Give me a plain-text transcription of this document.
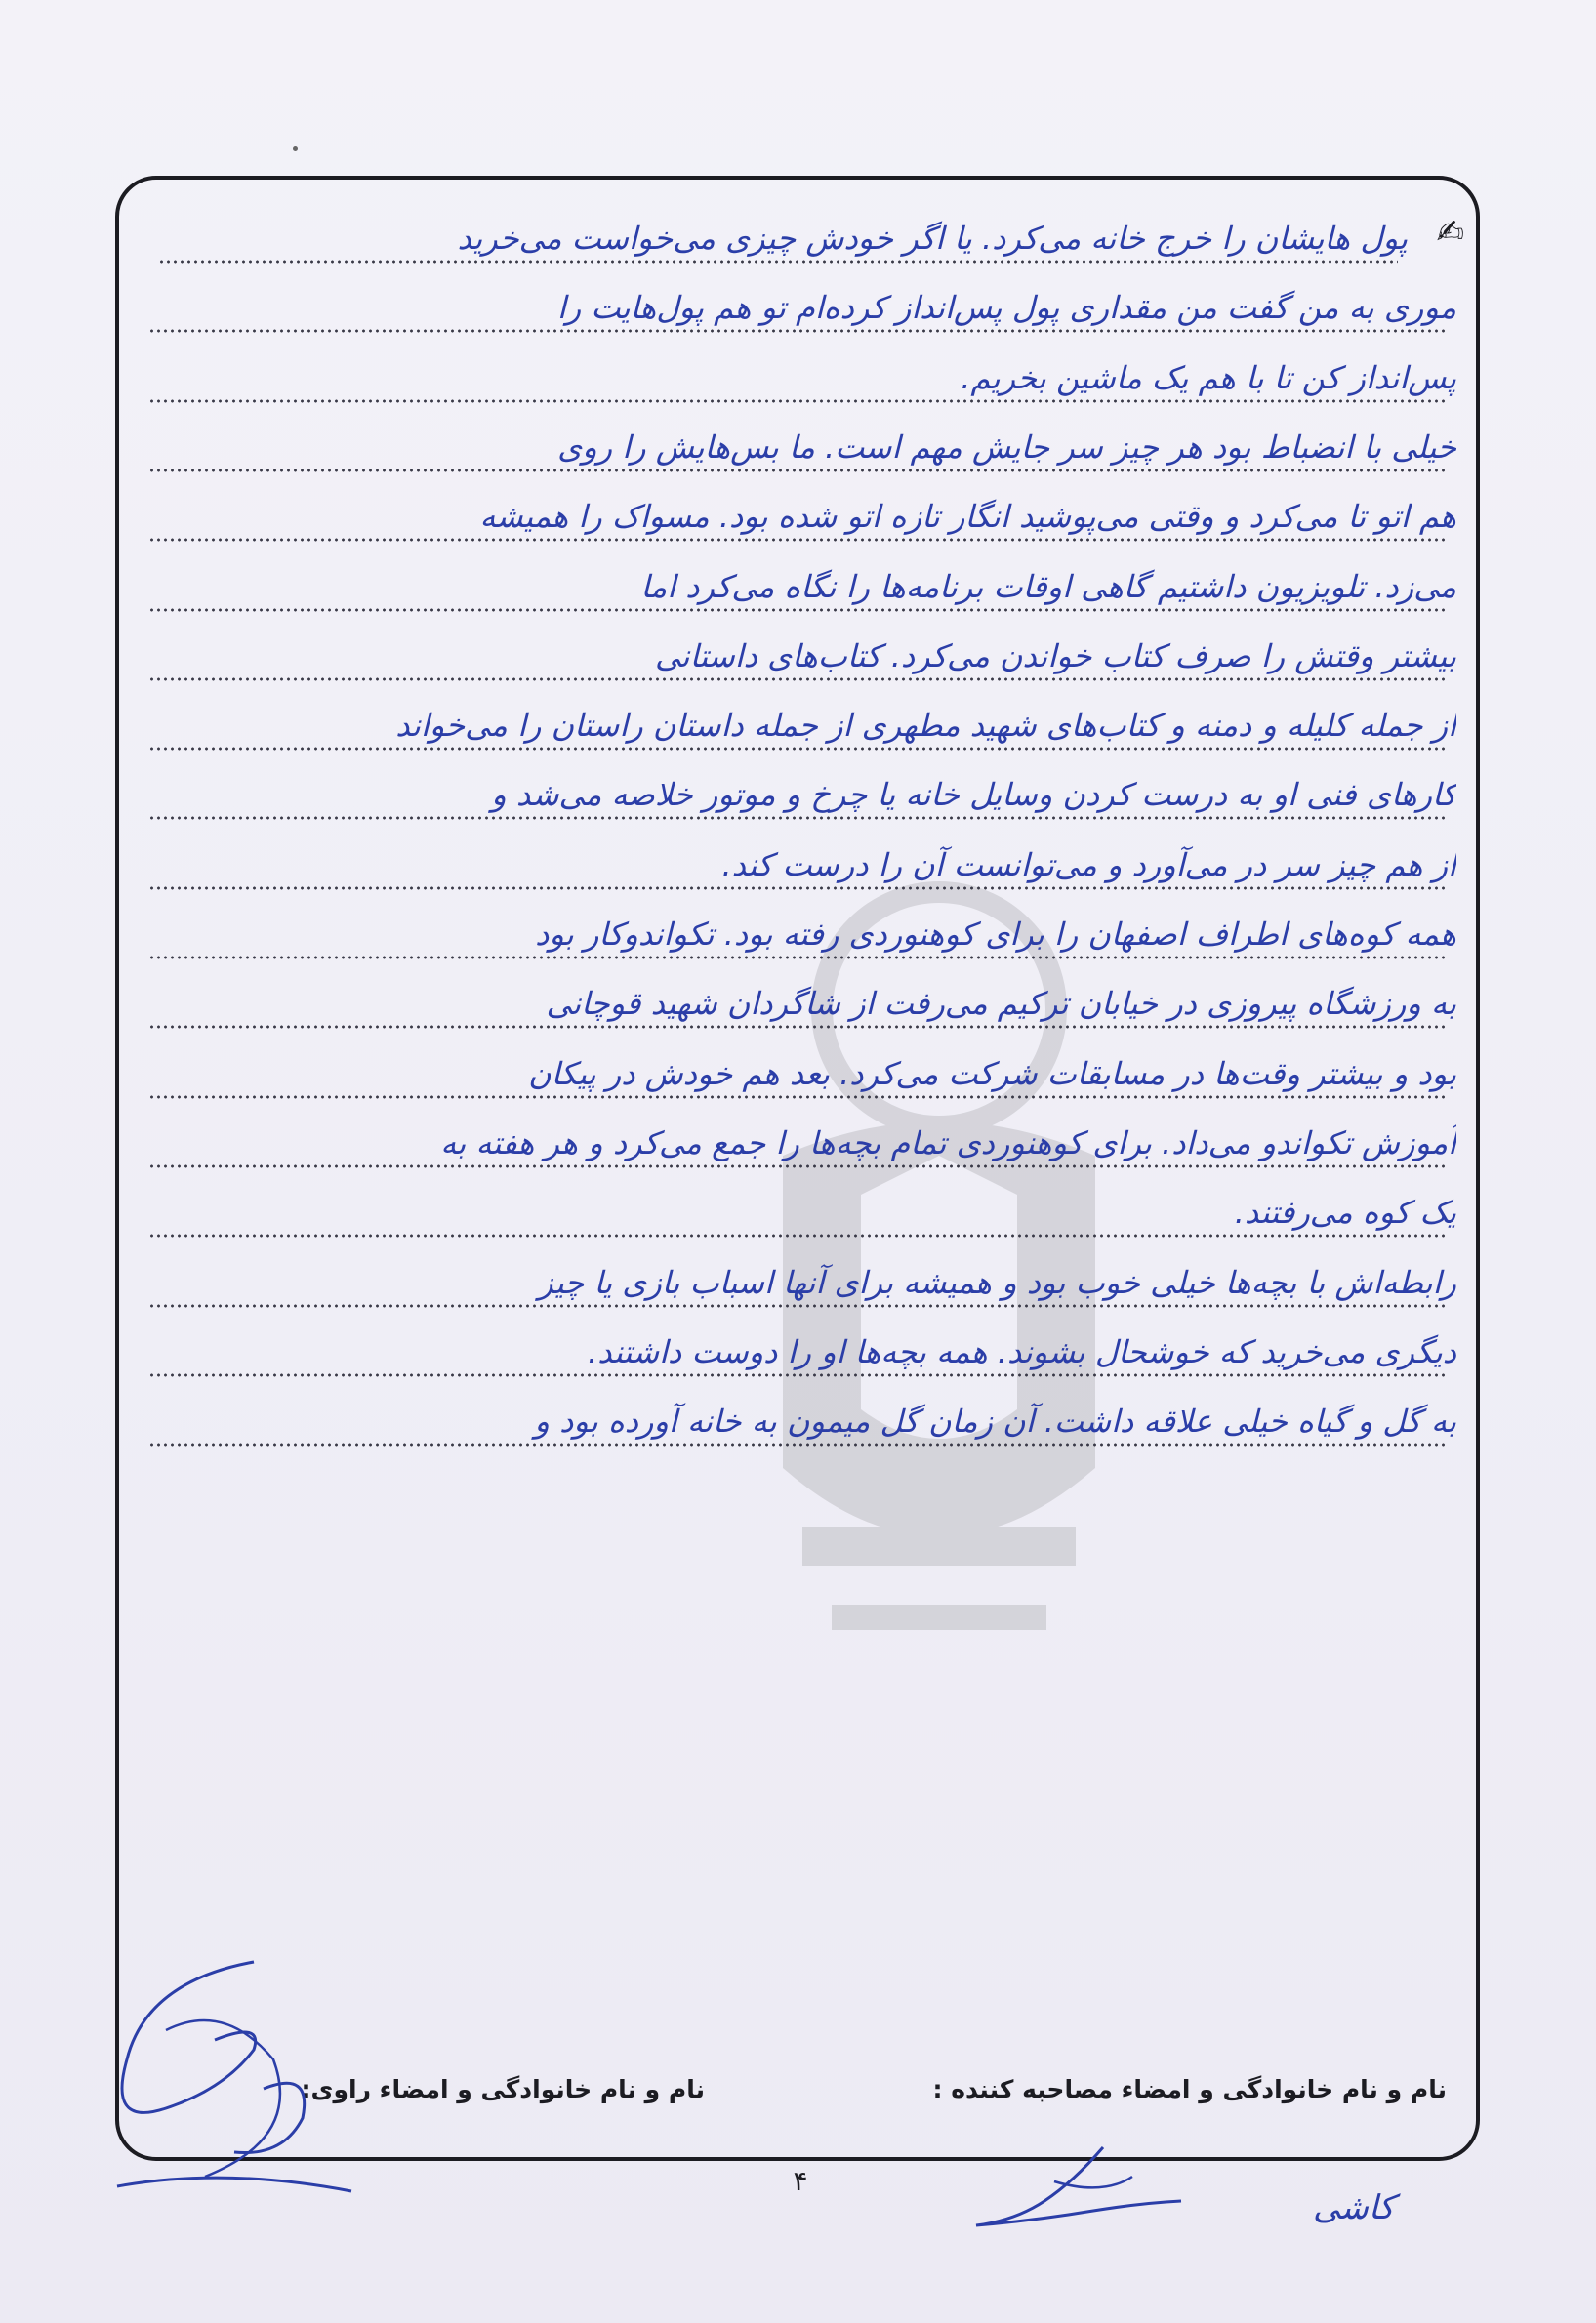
✍
پول هایشان را خرج خانه می‌کرد. یا اگر خودش چیزی می‌خواست می‌خرید
موری به من گفت من مقداری پول پس‌انداز کرده‌ام تو هم پول‌هایت را
پس‌انداز کن تا با هم یک ماشین بخریم.
خیلی با انضباط بود هر چیز سر جایش مهم است. ما بس‌هایش را روی
هم اتو تا می‌کرد و وقتی می‌پوشید انگار تازه اتو شده بود. مسواک را همیشه
می‌زد. تلویزیون داشتیم گاهی اوقات برنامه‌ها را نگاه می‌کرد اما
بیشتر وقتش را صرف کتاب خواندن می‌کرد. کتاب‌های داستانی
از جمله کلیله و دمنه و کتاب‌های شهید مطهری از جمله داستان راستان را می‌خواند
کارهای فنی او به درست کردن وسایل خانه یا چرخ و موتور خلاصه می‌شد و
از هم چیز سر در می‌آورد و می‌توانست آن را درست کند.
همه کوه‌های اطراف اصفهان را برای کوهنوردی رفته بود. تکواندوکار بود
به ورزشگاه پیروزی در خیابان ترکیم می‌رفت از شاگردان شهید قوچانی
بود و بیشتر وقت‌ها در مسابقات شرکت می‌کرد. بعد هم خودش در پیکان
آموزش تکواندو می‌داد. برای کوهنوردی تمام بچه‌ها را جمع می‌کرد و هر هفته به
یک کوه می‌رفتند.
رابطه‌اش با بچه‌ها خیلی خوب بود و همیشه برای آنها اسباب بازی یا چیز
دیگری می‌خرید که خوشحال بشوند. همه بچه‌ها او را دوست داشتند.
به گل و گیاه خیلی علاقه داشت. آن زمان گل میمون به خانه آورده بود و
نام و نام خانوادگی و امضاء مصاحبه کننده :
نام و نام خانوادگی و امضاء راوی:
کاشی
۴
